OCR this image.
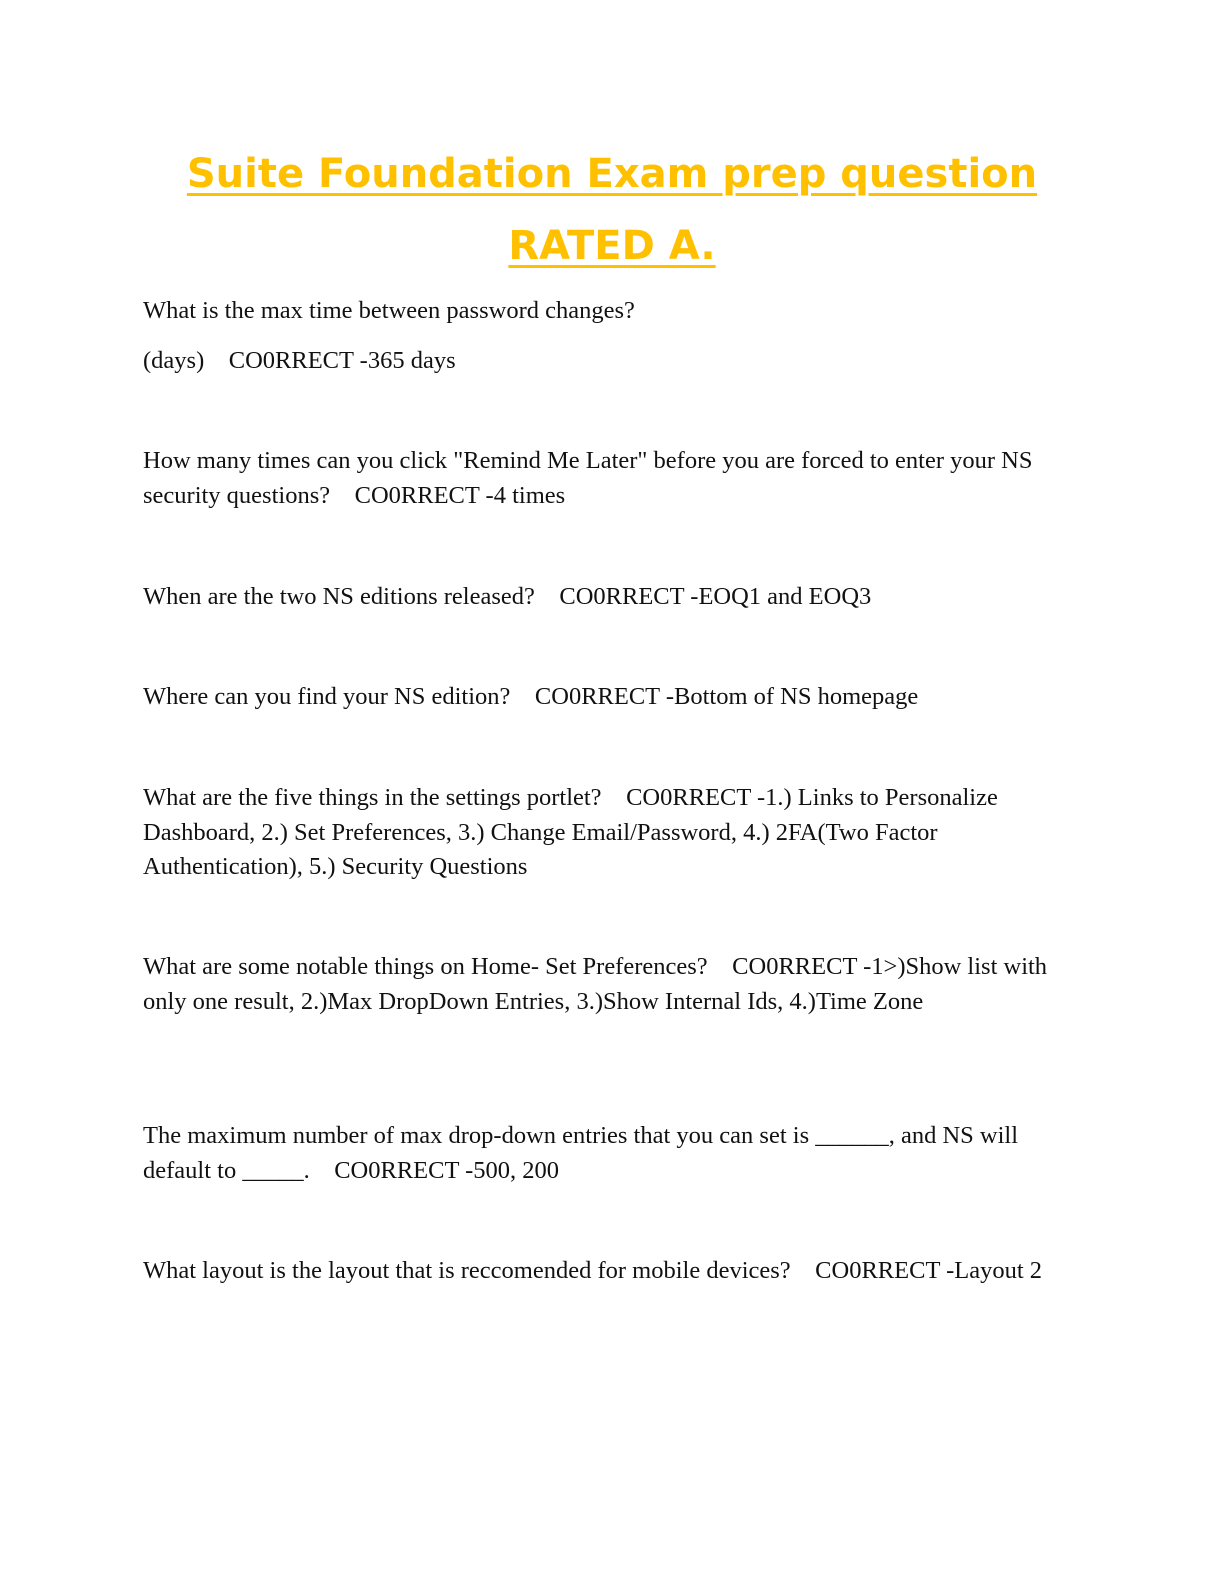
Suite Foundation Exam prep question
RATED A.

What is the max time between password changes?

(days) CO0RRECT -365 days

How many times can you click "Remind Me Later" before you are forced to enter your NS security questions? CO0RRECT -4 times

When are the two NS editions released? CO0RRECT -EOQ1 and EOQ3

Where can you find your NS edition? CO0RRECT -Bottom of NS homepage

What are the five things in the settings portlet? CO0RRECT -1.) Links to Personalize Dashboard, 2.) Set Preferences, 3.) Change Email/Password, 4.) 2FA(Two Factor Authentication), 5.) Security Questions

What are some notable things on Home- Set Preferences? CO0RRECT -1>)Show list with only one result, 2.)Max DropDown Entries, 3.)Show Internal Ids, 4.)Time Zone

The maximum number of max drop-down entries that you can set is ______, and NS will default to _____. CO0RRECT -500, 200

What layout is the layout that is reccomended for mobile devices? CO0RRECT -Layout 2
